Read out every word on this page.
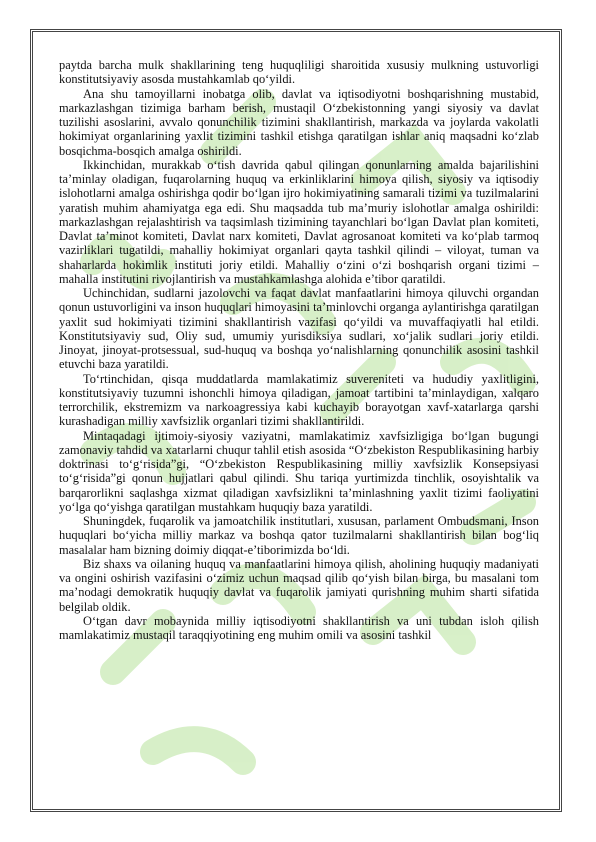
paytda barcha mulk shakllarining teng huquqliligi sharoitida xususiy mulkning ustuvorligi konstitutsiyaviy asosda mustahkamlab qo‘yildi.

Ana shu tamoyillarni inobatga olib, davlat va iqtisodiyotni boshqarishning mustabid, markazlashgan tizimiga barham berish, mustaqil O‘zbekistonning yangi siyosiy va davlat tuzilishi asoslarini, avvalo qonunchilik tizimini shakllantirish, markazda va joylarda vakolatli hokimiyat organlarining yaxlit tizimini tashkil etishga qaratilgan ishlar aniq maqsadni ko‘zlab bosqichma-bosqich amalga oshirildi.

Ikkinchidan, murakkab o‘tish davrida qabul qilingan qonunlarning amalda bajarilishini ta’minlay oladigan, fuqarolarning huquq va erkinliklarini himoya qilish, siyosiy va iqtisodiy islohotlarni amalga oshirishga qodir bo‘lgan ijro hokimiyatining samarali tizimi va tuzilmalarini yaratish muhim ahamiyatga ega edi. Shu maqsadda tub ma’muriy islohotlar amalga oshirildi: markazlashgan rejalashtirish va taqsimlash tizimining tayanchlari bo‘lgan Davlat plan komiteti, Davlat ta’minot komiteti, Davlat narx komiteti, Davlat agrosanoat komiteti va ko‘plab tarmoq vazirliklari tugatildi, mahalliy hokimiyat organlari qayta tashkil qilindi – viloyat, tuman va shaharlarda hokimlik instituti joriy etildi. Mahalliy o‘zini o‘zi boshqarish organi tizimi – mahalla institutini rivojlantirish va mustahkamlashga alohida e’tibor qaratildi.

Uchinchidan, sudlarni jazolovchi va faqat davlat manfaatlarini himoya qiluvchi organdan qonun ustuvorligini va inson huquqlari himoyasini ta’minlovchi organga aylantirishga qaratilgan yaxlit sud hokimiyati tizimini shakllantirish vazifasi qo‘yildi va muvaffaqiyatli hal etildi. Konstitutsiyaviy sud, Oliy sud, umumiy yurisdiksiya sudlari, xo‘jalik sudlari joriy etildi. Jinoyat, jinoyat-protsessual, sud-huquq va boshqa yo‘nalishlarning qonunchilik asosini tashkil etuvchi baza yaratildi.

To‘rtinchidan, qisqa muddatlarda mamlakatimiz suvereniteti va hududiy yaxlitligini, konstitutsiyaviy tuzumni ishonchli himoya qiladigan, jamoat tartibini ta’minlaydigan, xalqaro terrorchilik, ekstremizm va narkoagressiya kabi kuchayib borayotgan xavf-xatarlarga qarshi kurashadigan milliy xavfsizlik organlari tizimi shakllantirildi.

Mintaqadagi ijtimoiy-siyosiy vaziyatni, mamlakatimiz xavfsizligiga bo‘lgan bugungi zamonaviy tahdid va xatarlarni chuqur tahlil etish asosida “O‘zbekiston Respublikasining harbiy doktrinasi to‘g‘risida”gi, “O‘zbekiston Respublikasining milliy xavfsizlik Konsepsiyasi to‘g‘risida”gi qonun hujjatlari qabul qilindi. Shu tariqa yurtimizda tinchlik, osoyishtalik va barqarorlikni saqlashga xizmat qiladigan xavfsizlikni ta’minlashning yaxlit tizimi faoliyatini yo‘lga qo‘yishga qaratilgan mustahkam huquqiy baza yaratildi.

Shuningdek, fuqarolik va jamoatchilik institutlari, xususan, parlament Ombudsmani, Inson huquqlari bo‘yicha milliy markaz va boshqa qator tuzilmalarni shakllantirish bilan bog‘liq masalalar ham bizning doimiy diqqat-e’tiborimizda bo‘ldi.

Biz shaxs va oilaning huquq va manfaatlarini himoya qilish, aholining huquqiy madaniyati va ongini oshirish vazifasini o‘zimiz uchun maqsad qilib qo‘yish bilan birga, bu masalani tom ma’nodagi demokratik huquqiy davlat va fuqarolik jamiyati qurishning muhim sharti sifatida belgilab oldik.

O‘tgan davr mobaynida milliy iqtisodiyotni shakllantirish va uni tubdan isloh qilish mamlakatimiz mustaqil taraqqiyotining eng muhim omili va asosini tashkil
